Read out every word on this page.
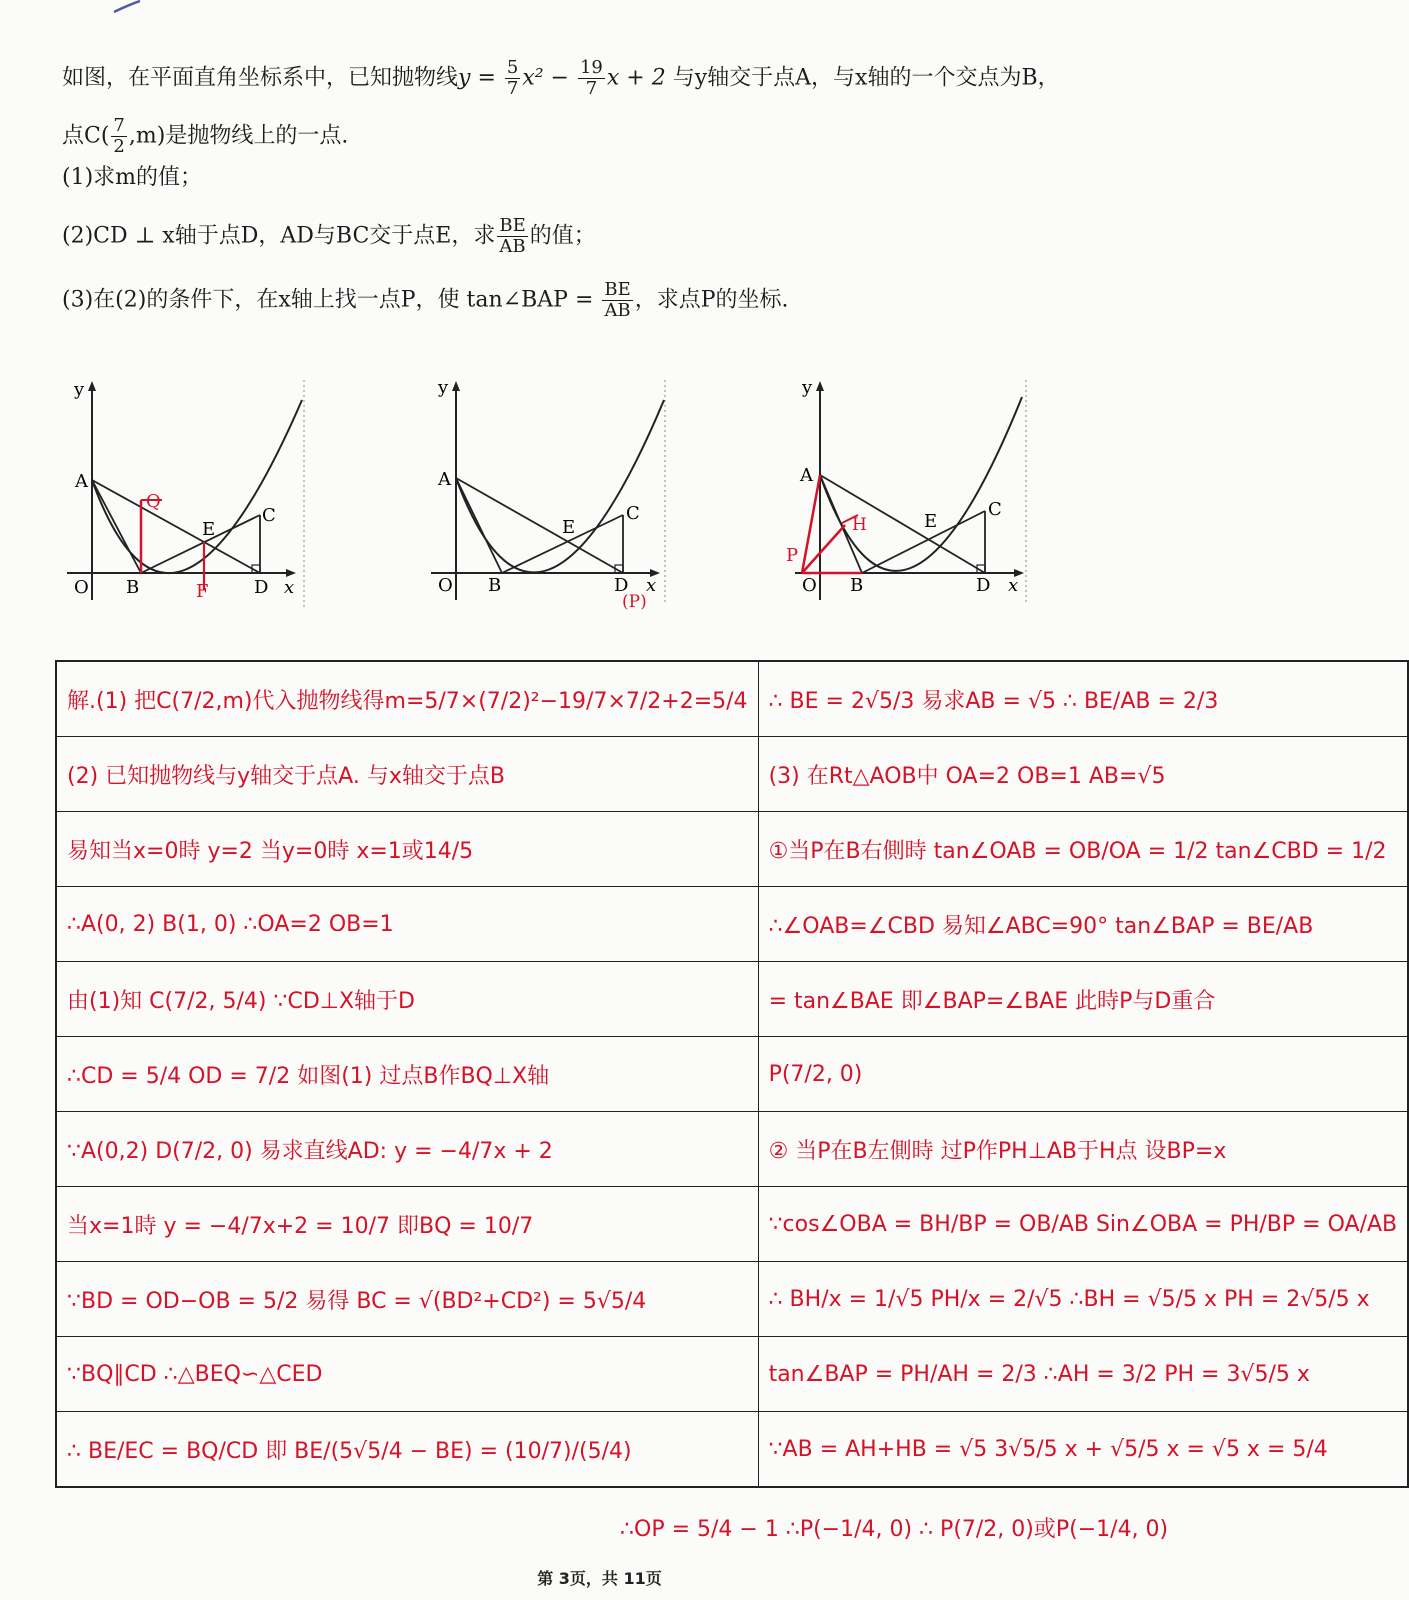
如图，在平面直角坐标系中，已知抛物线$y = \frac{5}{7} x^2 - \frac{19}{7}$ x + 2 与y轴交于点A，与x轴的一个交点为B，

点$C( \frac{7}{2} ,m)$是抛物线上的一点.

(1)求m的值；

(2)CD ⊥ x轴于点D，AD与BC交于点E，求 $\frac{BE}{AB}$ 的值；

(3)在(2)的条件下，在x轴上找一点P，使 tan∠BAP = $\frac{BE}{AB}$ ，求点P的坐标.

y
A
O B	D x
C
E
Q
F
y
A
O B	D x
C
E
(P)
y
A
O B	D x
C
E
P
H
解.(1) 把C(7/2,m)代入抛物线得m=5/7×(7/2)²−19/7×7/2+2=5/4	∴ BE = 2√5/3 易求AB = √5 ∴ BE/AB = 2/3
(2) 已知抛物线与y轴交于点A. 与x轴交于点B	(3) 在Rt△AOB中 OA=2 OB=1 AB=√5
易知当x=0時 y=2 当y=0時 x=1或14/5	①当P在B右側時 tan∠OAB = OB/OA = 1/2 tan∠CBD = 1/2
∴A(0, 2) B(1, 0) ∴OA=2 OB=1	∴∠OAB=∠CBD 易知∠ABC=90° tan∠BAP = BE/AB
由(1)知 C(7/2, 5/4) ∵CD⊥X轴于D	= tan∠BAE 即∠BAP=∠BAE 此時P与D重合
∴CD = 5/4 OD = 7/2 如图(1) 过点B作BQ⊥X轴	P(7/2, 0)
∵A(0,2) D(7/2, 0) 易求直线AD: y = −4/7x + 2	② 当P在B左側時 过P作PH⊥AB于H点 设BP=x
当x=1時 y = −4/7x+2 = 10/7 即BQ = 10/7	∵cos∠OBA = BH/BP = OB/AB Sin∠OBA = PH/BP = OA/AB
∵BD = OD−OB = 5/2 易得 BC = √(BD²+CD²) = 5√5/4	∴ BH/x = 1/√5 PH/x = 2/√5 ∴BH = √5/5 x PH = 2√5/5 x
∵BQ∥CD ∴△BEQ∽△CED	tan∠BAP = PH/AH = 2/3 ∴AH = 3/2 PH = 3√5/5 x
∴ BE/EC = BQ/CD 即 BE/(5√5/4 − BE) = (10/7)/(5/4)	∵AB = AH+HB = √5 3√5/5 x + √5/5 x = √5 x = 5/4
∴OP = 5/4 − 1 ∴P(−1/4, 0) ∴ P(7/2, 0)或P(−1/4, 0)
第 3页，共 11页
